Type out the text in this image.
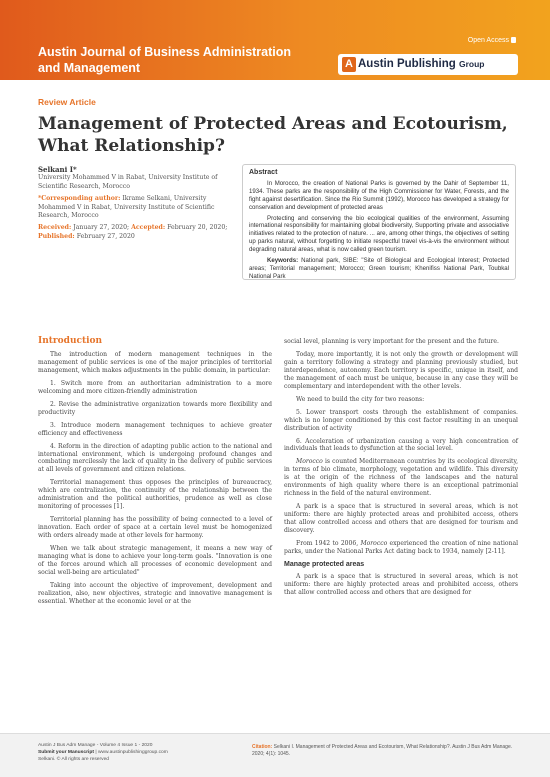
Open Access
Austin Journal of Business Administration and Management	A Austin Publishing Group
Review Article
Management of Protected Areas and Ecotourism, What Relationship?
Selkani I*
University Mohammed V in Rabat, University Institute of Scientific Research, Morocco
*Corresponding author: Ikrame Selkani, University Mohammed V in Rabat, University Institute of Scientific Research, Morocco
Received: January 27, 2020; Accepted: February 20, 2020; Published: February 27, 2020
Abstract

In Morocco, the creation of National Parks is governed by the Dahir of September 11, 1934. These parks are the responsibility of the High Commissioner for Water, Forests, and the fight against desertification. Since the Rio Summit (1992), Morocco has developed a strategy for conservation and development of protected areas

Protecting and conserving the bio ecological qualities of the environment, Assuming international responsibility for maintaining global biodiversity, Supporting private and associative initiatives related to the protection of nature. ... are, among other things, the objectives of setting up parks natural, without forgetting to initiate respectful travel vis-à-vis the environment without degrading natural areas, what is now called green tourism.

Keywords: National park, SIBE: "Site of Biological and Ecological Interest; Protected areas; Territorial management; Morocco; Green tourism; Khenifiss National Park, Toubkal National Park

Introduction

The introduction of modern management techniques in the management of public services is one of the major principles of territorial management, which makes adjustments in the public domain, in particular:

1. Switch more from an authoritarian administration to a more welcoming and more citizen-friendly administration

2. Revise the administrative organization towards more flexibility and productivity

3. Introduce modern management techniques to achieve greater efficiency and effectiveness

4. Reform in the direction of adapting public action to the national and international environment, which is undergoing profound changes and combating mercilessly the lack of quality in the delivery of public services at all levels of government and citizen relations.

Territorial management thus opposes the principles of bureaucracy, which are centralization, the continuity of the relationship between the administration and the political authorities, prudence as well as close monitoring of processes [1].

Territorial planning has the possibility of being connected to a level of innovation. Each order of space at a certain level must be homogenized with orders already made at other levels for harmony.

When we talk about strategic management, it means a new way of managing what is done to achieve your long-term goals. "Innovation is one of the forces around which all processes of economic development and social well-being are articulated"

Taking into account the objective of improvement, development and realization, also, new objectives, strategic and innovative management is essential. Whether at the economic level or at the

social level, planning is very important for the present and the future.

Today, more importantly, it is not only the growth or development will gain a territory following a strategy and planning previously studied, but interdependence, autonomy. Each territory is specific, unique in itself, and the management of each must be unique, because in any case they will be complementary and interdependent with the other levels.

We need to build the city for two reasons:

5. Lower transport costs through the establishment of companies. which is no longer conditioned by this cost factor resulting in an unequal distribution of activity

6. Acceleration of urbanization causing a very high concentration of individuals that leads to dysfunction at the social level.

Morocco is counted Mediterranean countries by its ecological diversity, in terms of bio climate, morphology, vegetation and wildlife. This diversity is at the origin of the richness of the landscapes and the natural environments of high quality where there is an exceptional patrimonial richness in the field of the natural environment.

A park is a space that is structured in several areas, which is not uniform: there are highly protected areas and prohibited access, others that allow controlled access and others that are designed for tourism and discovery.

From 1942 to 2006, Morocco experienced the creation of nine national parks, under the National Parks Act dating back to 1934, namely [2-11].

Manage protected areas

A park is a space that is structured in several areas, which is not uniform: there are highly protected areas and prohibited access, others that allow controlled access and others that are designed for

Austin J Bus Adm Manage - Volume 4 Issue 1 - 2020
Submit your Manuscript | www.austinpublishinggroup.com
Selkani. © All rights are reserved
Citation: Selkani I. Management of Protected Areas and Ecotourism, What Relationship?. Austin J Bus Adm Manage. 2020; 4(1): 1045.
